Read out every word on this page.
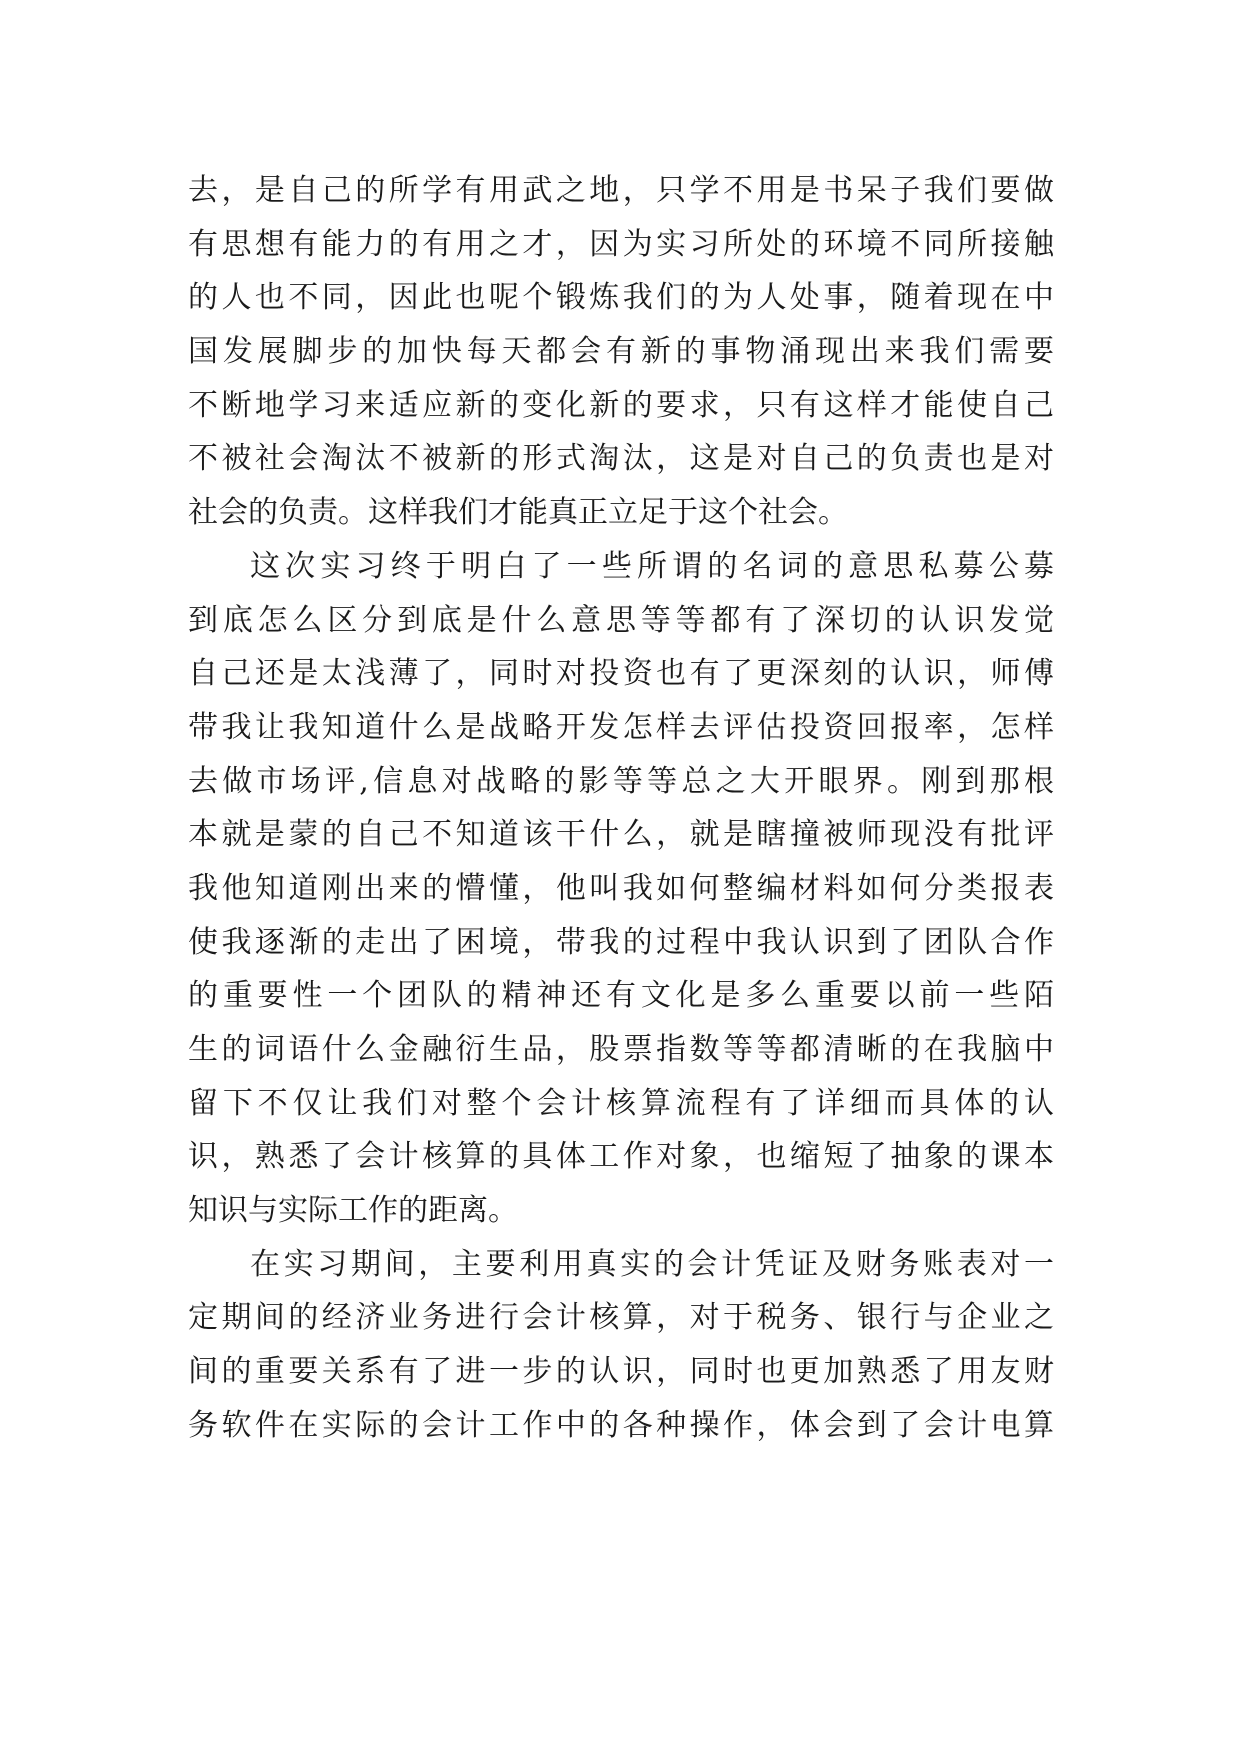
去，是自己的所学有用武之地，只学不用是书呆子我们要做
有思想有能力的有用之才，因为实习所处的环境不同所接触
的人也不同，因此也呢个锻炼我们的为人处事，随着现在中
国发展脚步的加快每天都会有新的事物涌现出来我们需要
不断地学习来适应新的变化新的要求，只有这样才能使自己
不被社会淘汰不被新的形式淘汰，这是对自己的负责也是对
社会的负责。这样我们才能真正立足于这个社会。
这次实习终于明白了一些所谓的名词的意思私募公募
到底怎么区分到底是什么意思等等都有了深切的认识发觉
自己还是太浅薄了，同时对投资也有了更深刻的认识，师傅
带我让我知道什么是战略开发怎样去评估投资回报率，怎样
去做市场评,信息对战略的影等等总之大开眼界。刚到那根
本就是蒙的自己不知道该干什么，就是瞎撞被师现没有批评
我他知道刚出来的懵懂，他叫我如何整编材料如何分类报表
使我逐渐的走出了困境，带我的过程中我认识到了团队合作
的重要性一个团队的精神还有文化是多么重要以前一些陌
生的词语什么金融衍生品，股票指数等等都清晰的在我脑中
留下不仅让我们对整个会计核算流程有了详细而具体的认
识，熟悉了会计核算的具体工作对象，也缩短了抽象的课本
知识与实际工作的距离。
在实习期间，主要利用真实的会计凭证及财务账表对一
定期间的经济业务进行会计核算，对于税务、银行与企业之
间的重要关系有了进一步的认识，同时也更加熟悉了用友财
务软件在实际的会计工作中的各种操作，体会到了会计电算
